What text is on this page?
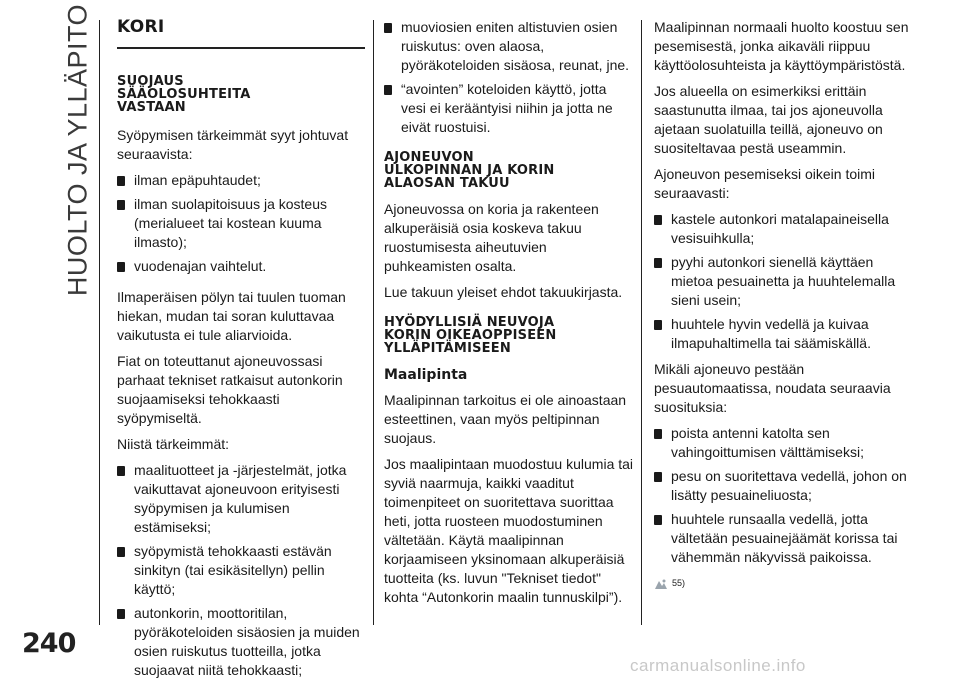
HUOLTO JA YLLÄPITO
240
KORI
SUOJAUS
SÄÄOLOSUHTEITA
VASTAAN

Syöpymisen tärkeimmät syyt johtuvat seuraavista:

ilman epäpuhtaudet;
ilman suolapitoisuus ja kosteus (merialueet tai kostean kuuma ilmasto);
vuodenajan vaihtelut.

Ilmaperäisen pölyn tai tuulen tuoman hiekan, mudan tai soran kuluttavaa vaikutusta ei tule aliarvioida.

Fiat on toteuttanut ajoneuvossasi parhaat tekniset ratkaisut autonkorin suojaamiseksi tehokkaasti syöpymiseltä.

Niistä tärkeimmät:

maalituotteet ja -järjestelmät, jotka vaikuttavat ajoneuvoon erityisesti syöpymisen ja kulumisen estämiseksi;
syöpymistä tehokkaasti estävän sinkityn (tai esikäsitellyn) pellin käyttö;
autonkorin, moottoritilan, pyöräkoteloiden sisäosien ja muiden osien ruiskutus tuotteilla, jotka suojaavat niitä tehokkaasti;
muoviosien eniten altistuvien osien ruiskutus: oven alaosa, pyöräkoteloiden sisäosa, reunat, jne.
“avointen” koteloiden käyttö, jotta vesi ei kerääntyisi niihin ja jotta ne eivät ruostuisi.
AJONEUVON
ULKOPINNAN JA KORIN
ALAOSAN TAKUU

Ajoneuvossa on koria ja rakenteen alkuperäisiä osia koskeva takuu ruostumisesta aiheutuvien puhkeamisten osalta.

Lue takuun yleiset ehdot takuukirjasta.

HYÖDYLLISIÄ NEUVOJA
KORIN OIKEAOPPISEEN
YLLÄPITÄMISEEN
Maalipinta

Maalipinnan tarkoitus ei ole ainoastaan esteettinen, vaan myös peltipinnan suojaus.

Jos maalipintaan muodostuu kulumia tai syviä naarmuja, kaikki vaaditut toimenpiteet on suoritettava suorittaa heti, jotta ruosteen muodostuminen vältetään. Käytä maalipinnan korjaamiseen yksinomaan alkuperäisiä tuotteita (ks. luvun "Tekniset tiedot" kohta “Autonkorin maalin tunnuskilpi”).

Maalipinnan normaali huolto koostuu sen pesemisestä, jonka aikaväli riippuu käyttöolosuhteista ja käyttöympäristöstä.

Jos alueella on esimerkiksi erittäin saastunutta ilmaa, tai jos ajoneuvolla ajetaan suolatuilla teillä, ajoneuvo on suositeltavaa pestä useammin.

Ajoneuvon pesemiseksi oikein toimi seuraavasti:

kastele autonkori matalapaineisella vesisuihkulla;
pyyhi autonkori sienellä käyttäen mietoa pesuainetta ja huuhtelemalla sieni usein;
huuhtele hyvin vedellä ja kuivaa ilmapuhaltimella tai säämiskällä.

Mikäli ajoneuvo pestään pesuautomaatissa, noudata seuraavia suosituksia:

poista antenni katolta sen vahingoittumisen välttämiseksi;
pesu on suoritettava vedellä, johon on lisätty pesuaineliuosta;
huuhtele runsaalla vedellä, jotta vältetään pesuainejäämät korissa tai vähemmän näkyvissä paikoissa.
55)
carmanualsonline.info
